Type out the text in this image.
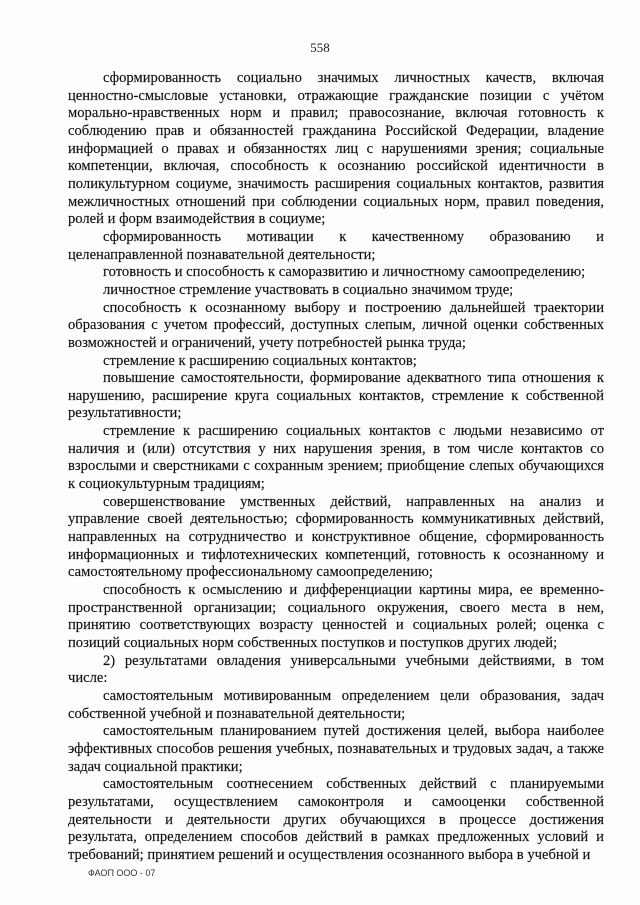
558

сформированность социально значимых личностных качеств, включая ценностно-смысловые установки, отражающие гражданские позиции с учётом морально-нравственных норм и правил; правосознание, включая готовность к соблюдению прав и обязанностей гражданина Российской Федерации, владение информацией о правах и обязанностях лиц с нарушениями зрения; социальные компетенции, включая, способность к осознанию российской идентичности в поликультурном социуме, значимость расширения социальных контактов, развития межличностных отношений при соблюдении социальных норм, правил поведения, ролей и форм взаимодействия в социуме;

сформированность мотивации к качественному образованию и целенаправленной познавательной деятельности;

готовность и способность к саморазвитию и личностному самоопределению;

личностное стремление участвовать в социально значимом труде;

способность к осознанному выбору и построению дальнейшей траектории образования с учетом профессий, доступных слепым, личной оценки собственных возможностей и ограничений, учету потребностей рынка труда;

стремление к расширению социальных контактов;

повышение самостоятельности, формирование адекватного типа отношения к нарушению, расширение круга социальных контактов, стремление к собственной результативности;

стремление к расширению социальных контактов с людьми независимо от наличия и (или) отсутствия у них нарушения зрения, в том числе контактов со взрослыми и сверстниками с сохранным зрением; приобщение слепых обучающихся к социокультурным традициям;

совершенствование умственных действий, направленных на анализ и управление своей деятельностью; сформированность коммуникативных действий, направленных на сотрудничество и конструктивное общение, сформированность информационных и тифлотехнических компетенций, готовность к осознанному и самостоятельному профессиональному самоопределению;

способность к осмыслению и дифференциации картины мира, ее временно-пространственной организации; социального окружения, своего места в нем, принятию соответствующих возрасту ценностей и социальных ролей; оценка с позиций социальных норм собственных поступков и поступков других людей;

2) результатами овладения универсальными учебными действиями, в том числе:

самостоятельным мотивированным определением цели образования, задач собственной учебной и познавательной деятельности;

самостоятельным планированием путей достижения целей, выбора наиболее эффективных способов решения учебных, познавательных и трудовых задач, а также задач социальной практики;

самостоятельным соотнесением собственных действий с планируемыми результатами, осуществлением самоконтроля и самооценки собственной деятельности и деятельности других обучающихся в процессе достижения результата, определением способов действий в рамках предложенных условий и требований; принятием решений и осуществления осознанного выбора в учебной и

ФАОП ООО - 07
